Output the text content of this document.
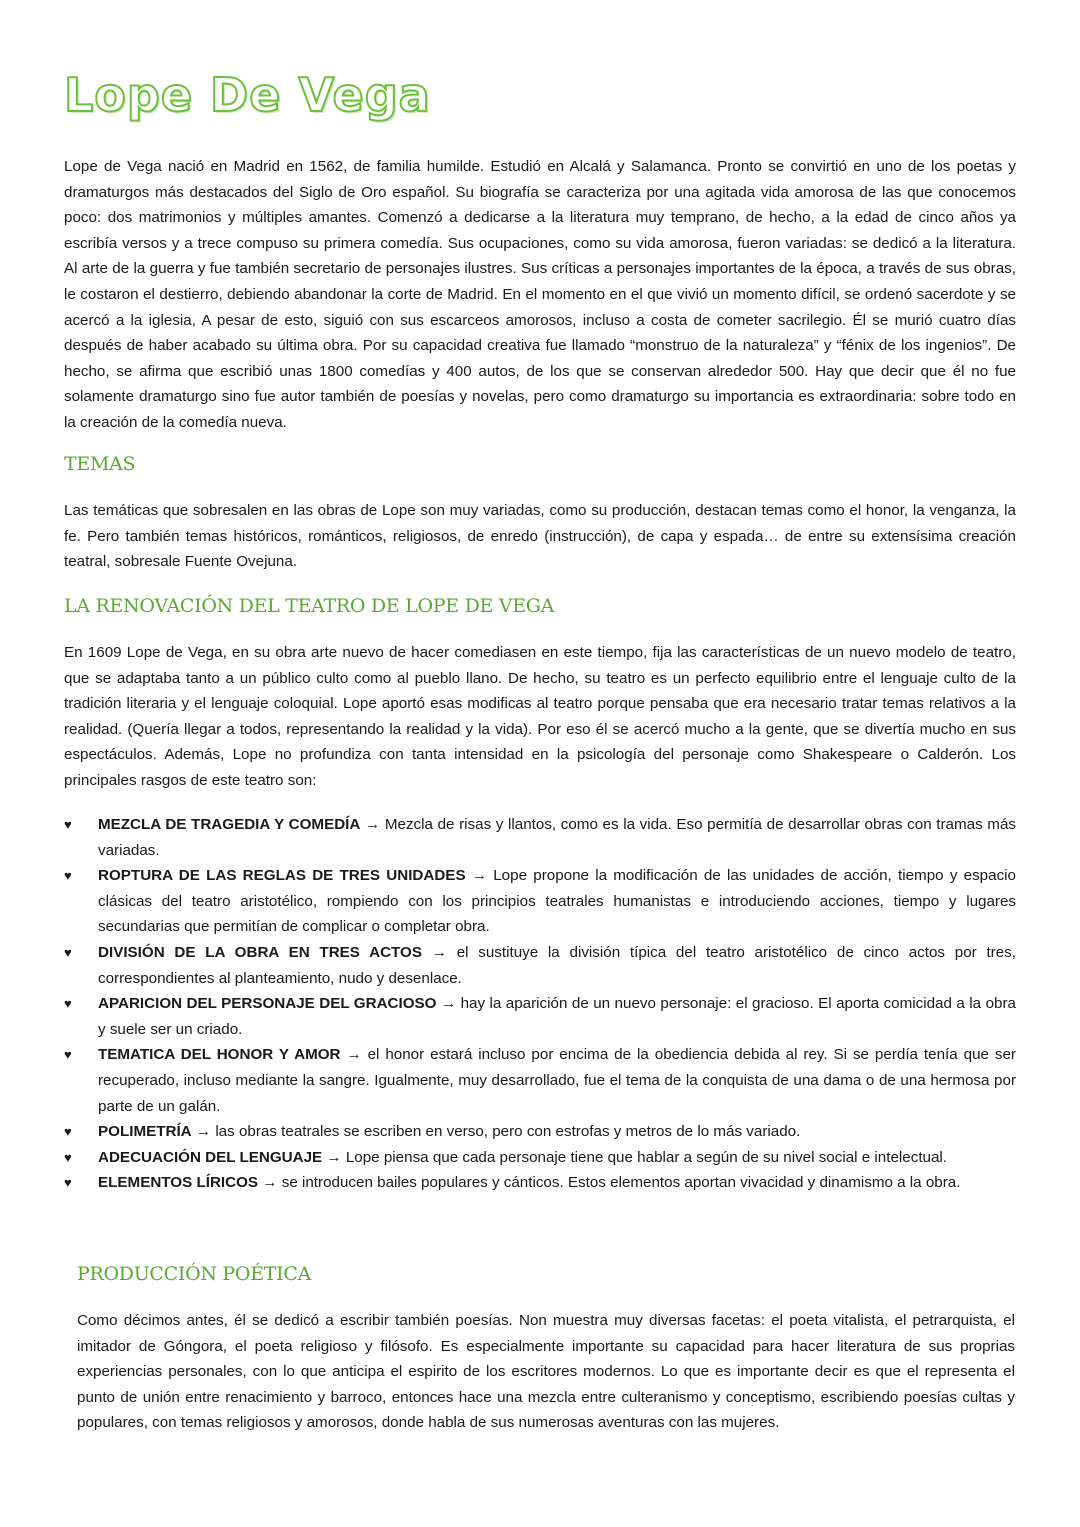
Lope De Vega

Lope de Vega nació en Madrid en 1562, de familia humilde. Estudió en Alcalá y Salamanca. Pronto se convirtió en uno de los poetas y dramaturgos más destacados del Siglo de Oro español. Su biografía se caracteriza por una agitada vida amorosa de las que conocemos poco: dos matrimonios y múltiples amantes. Comenzó a dedicarse a la literatura muy temprano, de hecho, a la edad de cinco años ya escribía versos y a trece compuso su primera comedía. Sus ocupaciones, como su vida amorosa, fueron variadas: se dedicó a la literatura. Al arte de la guerra y fue también secretario de personajes ilustres. Sus críticas a personajes importantes de la época, a través de sus obras, le costaron el destierro, debiendo abandonar la corte de Madrid. En el momento en el que vivió un momento difícil, se ordenó sacerdote y se acercó a la iglesia, A pesar de esto, siguió con sus escarceos amorosos, incluso a costa de cometer sacrilegio. Él se murió cuatro días después de haber acabado su última obra. Por su capacidad creativa fue llamado “monstruo de la naturaleza” y “fénix de los ingenios”. De hecho, se afirma que escribió unas 1800 comedías y 400 autos, de los que se conservan alrededor 500. Hay que decir que él no fue solamente dramaturgo sino fue autor también de poesías y novelas, pero como dramaturgo su importancia es extraordinaria: sobre todo en la creación de la comedía nueva.

TEMAS

Las temáticas que sobresalen en las obras de Lope son muy variadas, como su producción, destacan temas como el honor, la venganza, la fe. Pero también temas históricos, románticos, religiosos, de enredo (instrucción), de capa y espada… de entre su extensísima creación teatral, sobresale Fuente Ovejuna.

LA RENOVACIÓN DEL TEATRO DE LOPE DE VEGA

En 1609 Lope de Vega, en su obra arte nuevo de hacer comediasen en este tiempo, fija las características de un nuevo modelo de teatro, que se adaptaba tanto a un público culto como al pueblo llano. De hecho, su teatro es un perfecto equilibrio entre el lenguaje culto de la tradición literaria y el lenguaje coloquial. Lope aportó esas modificas al teatro porque pensaba que era necesario tratar temas relativos a la realidad. (Quería llegar a todos, representando la realidad y la vida). Por eso él se acercó mucho a la gente, que se divertía mucho en sus espectáculos. Además, Lope no profundiza con tanta intensidad en la psicología del personaje como Shakespeare o Calderón. Los principales rasgos de este teatro son:

♥ MEZCLA DE TRAGEDIA Y COMEDÍA → Mezcla de risas y llantos, como es la vida. Eso permitía de desarrollar obras con tramas más variadas.
♥ ROPTURA DE LAS REGLAS DE TRES UNIDADES → Lope propone la modificación de las unidades de acción, tiempo y espacio clásicas del teatro aristotélico, rompiendo con los principios teatrales humanistas e introduciendo acciones, tiempo y lugares secundarias que permitían de complicar o completar obra.
♥ DIVISIÓN DE LA OBRA EN TRES ACTOS → el sustituye la división típica del teatro aristotélico de cinco actos por tres, correspondientes al planteamiento, nudo y desenlace.
♥ APARICION DEL PERSONAJE DEL GRACIOSO → hay la aparición de un nuevo personaje: el gracioso. El aporta comicidad a la obra y suele ser un criado.
♥ TEMATICA DEL HONOR Y AMOR → el honor estará incluso por encima de la obediencia debida al rey. Si se perdía tenía que ser recuperado, incluso mediante la sangre. Igualmente, muy desarrollado, fue el tema de la conquista de una dama o de una hermosa por parte de un galán.
♥ POLIMETRÍA → las obras teatrales se escriben en verso, pero con estrofas y metros de lo más variado.
♥ ADECUACIÓN DEL LENGUAJE → Lope piensa que cada personaje tiene que hablar a según de su nivel social e intelectual.
♥ ELEMENTOS LÍRICOS → se introducen bailes populares y cánticos. Estos elementos aportan vivacidad y dinamismo a la obra.
PRODUCCIÓN POÉTICA

Como décimos antes, él se dedicó a escribir también poesías. Non muestra muy diversas facetas: el poeta vitalista, el petrarquista, el imitador de Góngora, el poeta religioso y filósofo. Es especialmente importante su capacidad para hacer literatura de sus proprias experiencias personales, con lo que anticipa el espirito de los escritores modernos. Lo que es importante decir es que el representa el punto de unión entre renacimiento y barroco, entonces hace una mezcla entre culteranismo y conceptismo, escribiendo poesías cultas y populares, con temas religiosos y amorosos, donde habla de sus numerosas aventuras con las mujeres.
